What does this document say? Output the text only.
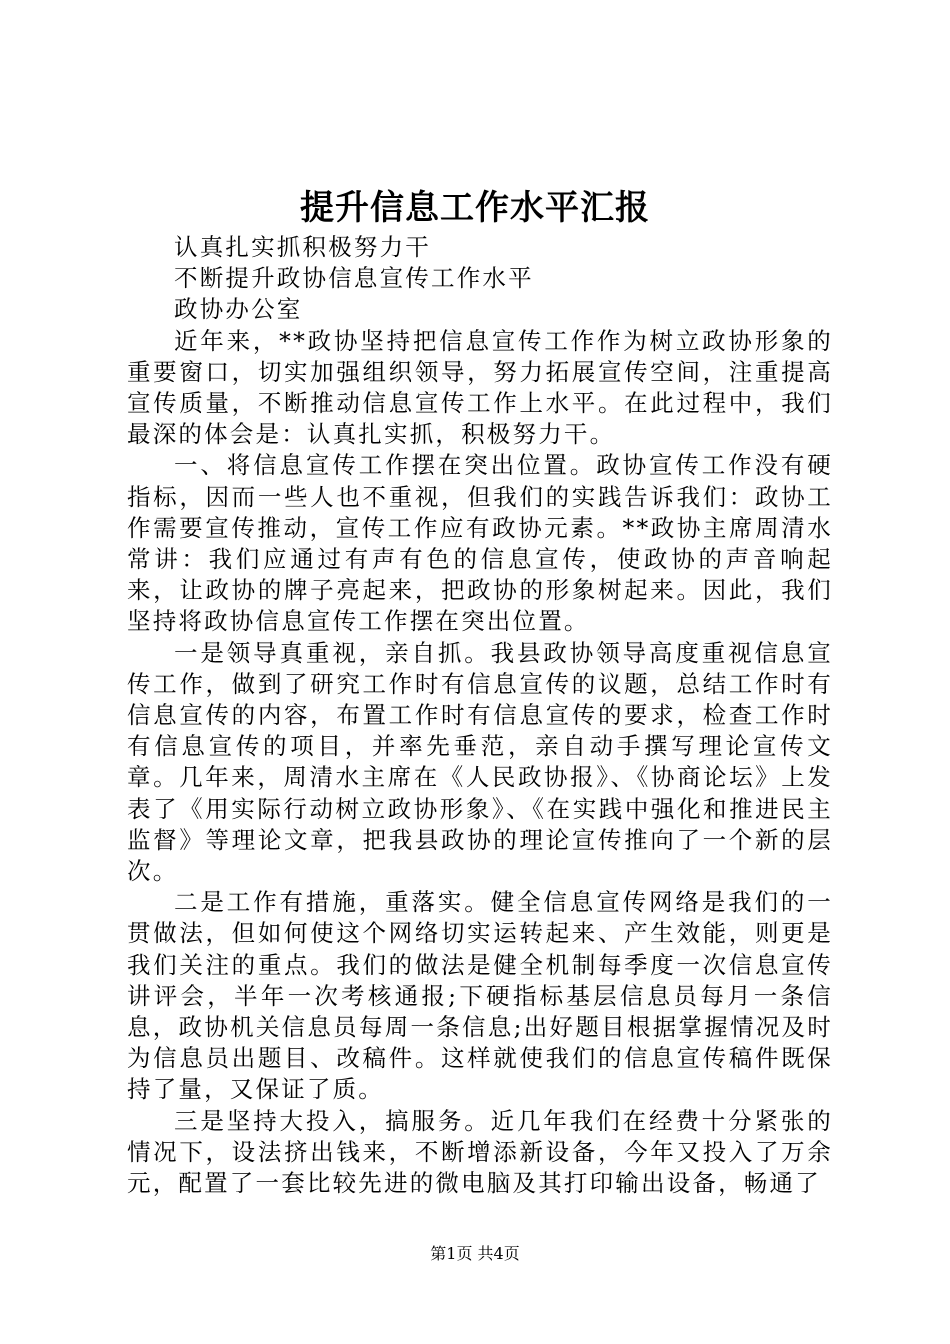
提升信息工作水平汇报

认真扎实抓积极努力干

不断提升政协信息宣传工作水平

政协办公室

近年来，**政协坚持把信息宣传工作作为树立政协形象的重要窗口，切实加强组织领导，努力拓展宣传空间，注重提高宣传质量，不断推动信息宣传工作上水平。在此过程中，我们最深的体会是：认真扎实抓，积极努力干。

一、将信息宣传工作摆在突出位置。政协宣传工作没有硬指标，因而一些人也不重视，但我们的实践告诉我们：政协工作需要宣传推动，宣传工作应有政协元素。**政协主席周清水常讲：我们应通过有声有色的信息宣传，使政协的声音响起来，让政协的牌子亮起来，把政协的形象树起来。因此，我们坚持将政协信息宣传工作摆在突出位置。

一是领导真重视，亲自抓。我县政协领导高度重视信息宣传工作，做到了研究工作时有信息宣传的议题，总结工作时有信息宣传的内容，布置工作时有信息宣传的要求，检查工作时有信息宣传的项目，并率先垂范，亲自动手撰写理论宣传文章。几年来，周清水主席在《人民政协报》、《协商论坛》上发表了《用实际行动树立政协形象》、《在实践中强化和推进民主监督》等理论文章，把我县政协的理论宣传推向了一个新的层次。

二是工作有措施，重落实。健全信息宣传网络是我们的一贯做法，但如何使这个网络切实运转起来、产生效能，则更是我们关注的重点。我们的做法是健全机制每季度一次信息宣传讲评会，半年一次考核通报;下硬指标基层信息员每月一条信息，政协机关信息员每周一条信息;出好题目根据掌握情况及时为信息员出题目、改稿件。这样就使我们的信息宣传稿件既保持了量，又保证了质。

三是坚持大投入，搞服务。近几年我们在经费十分紧张的情况下，设法挤出钱来，不断增添新设备，今年又投入了万余元，配置了一套比较先进的微电脑及其打印输出设备，畅通了

第1页 共4页
